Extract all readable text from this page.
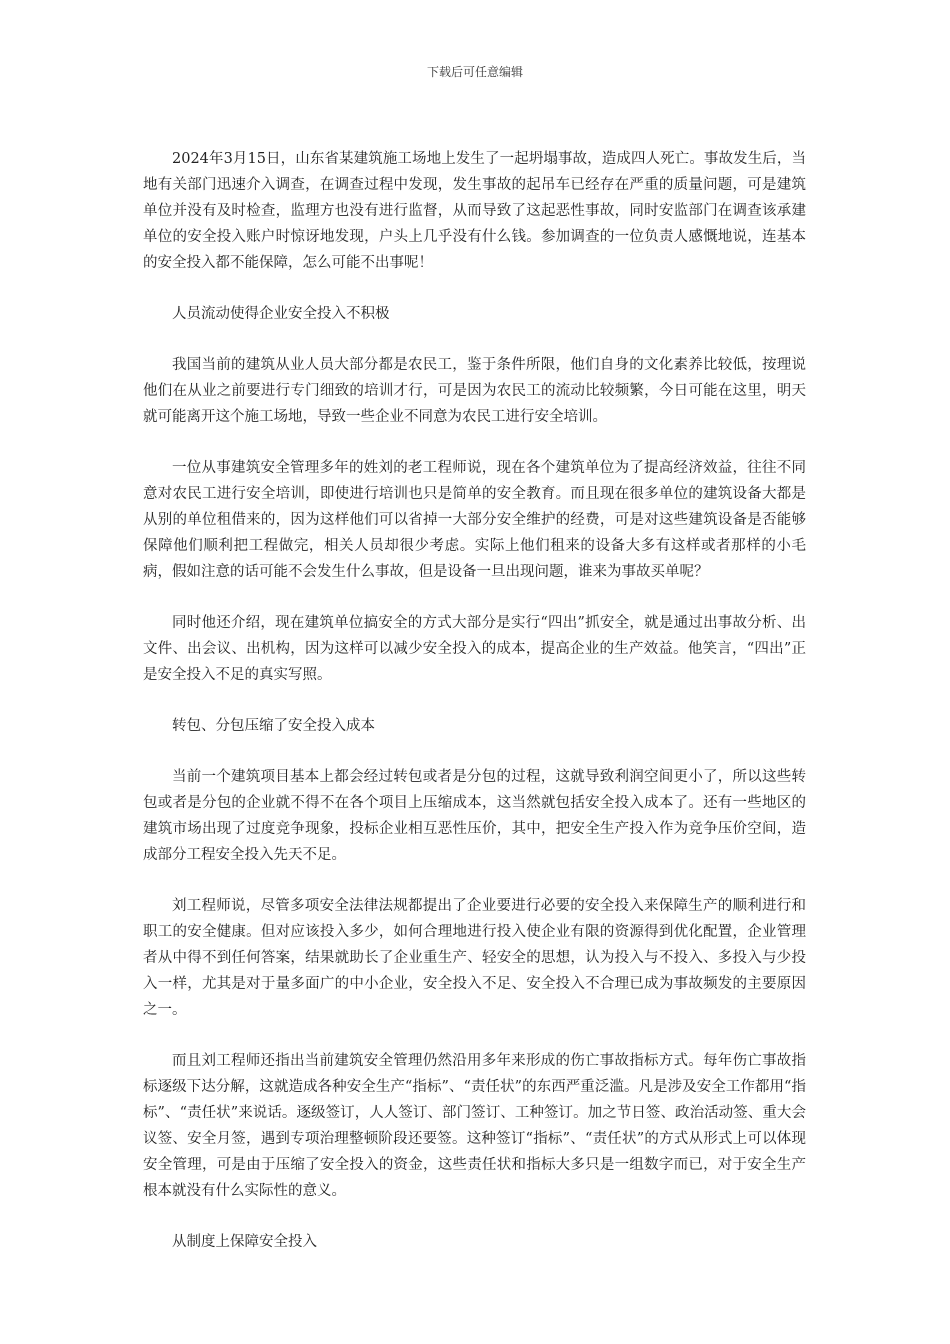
下载后可任意编辑

2024年3月15日，山东省某建筑施工场地上发生了一起坍塌事故，造成四人死亡。事故发生后，当地有关部门迅速介入调查，在调查过程中发现，发生事故的起吊车已经存在严重的质量问题，可是建筑单位并没有及时检查，监理方也没有进行监督，从而导致了这起恶性事故，同时安监部门在调查该承建单位的安全投入账户时惊讶地发现，户头上几乎没有什么钱。参加调查的一位负责人感慨地说，连基本的安全投入都不能保障，怎么可能不出事呢！

人员流动使得企业安全投入不积极

我国当前的建筑从业人员大部分都是农民工，鉴于条件所限，他们自身的文化素养比较低，按理说他们在从业之前要进行专门细致的培训才行，可是因为农民工的流动比较频繁，今日可能在这里，明天就可能离开这个施工场地，导致一些企业不同意为农民工进行安全培训。

一位从事建筑安全管理多年的姓刘的老工程师说，现在各个建筑单位为了提高经济效益，往往不同意对农民工进行安全培训，即使进行培训也只是简单的安全教育。而且现在很多单位的建筑设备大都是从别的单位租借来的，因为这样他们可以省掉一大部分安全维护的经费，可是对这些建筑设备是否能够保障他们顺利把工程做完，相关人员却很少考虑。实际上他们租来的设备大多有这样或者那样的小毛病，假如注意的话可能不会发生什么事故，但是设备一旦出现问题，谁来为事故买单呢？

同时他还介绍，现在建筑单位搞安全的方式大部分是实行“四出”抓安全，就是通过出事故分析、出文件、出会议、出机构，因为这样可以减少安全投入的成本，提高企业的生产效益。他笑言，“四出”正是安全投入不足的真实写照。

转包、分包压缩了安全投入成本

当前一个建筑项目基本上都会经过转包或者是分包的过程，这就导致利润空间更小了，所以这些转包或者是分包的企业就不得不在各个项目上压缩成本，这当然就包括安全投入成本了。还有一些地区的建筑市场出现了过度竞争现象，投标企业相互恶性压价，其中，把安全生产投入作为竞争压价空间，造成部分工程安全投入先天不足。

刘工程师说，尽管多项安全法律法规都提出了企业要进行必要的安全投入来保障生产的顺利进行和职工的安全健康。但对应该投入多少，如何合理地进行投入使企业有限的资源得到优化配置，企业管理者从中得不到任何答案，结果就助长了企业重生产、轻安全的思想，认为投入与不投入、多投入与少投入一样，尤其是对于量多面广的中小企业，安全投入不足、安全投入不合理已成为事故频发的主要原因之一。

而且刘工程师还指出当前建筑安全管理仍然沿用多年来形成的伤亡事故指标方式。每年伤亡事故指标逐级下达分解，这就造成各种安全生产“指标”、“责任状”的东西严重泛滥。凡是涉及安全工作都用“指标”、“责任状”来说话。逐级签订，人人签订、部门签订、工种签订。加之节日签、政治活动签、重大会议签、安全月签，遇到专项治理整顿阶段还要签。这种签订“指标”、“责任状”的方式从形式上可以体现安全管理，可是由于压缩了安全投入的资金，这些责任状和指标大多只是一组数字而已，对于安全生产根本就没有什么实际性的意义。

从制度上保障安全投入
